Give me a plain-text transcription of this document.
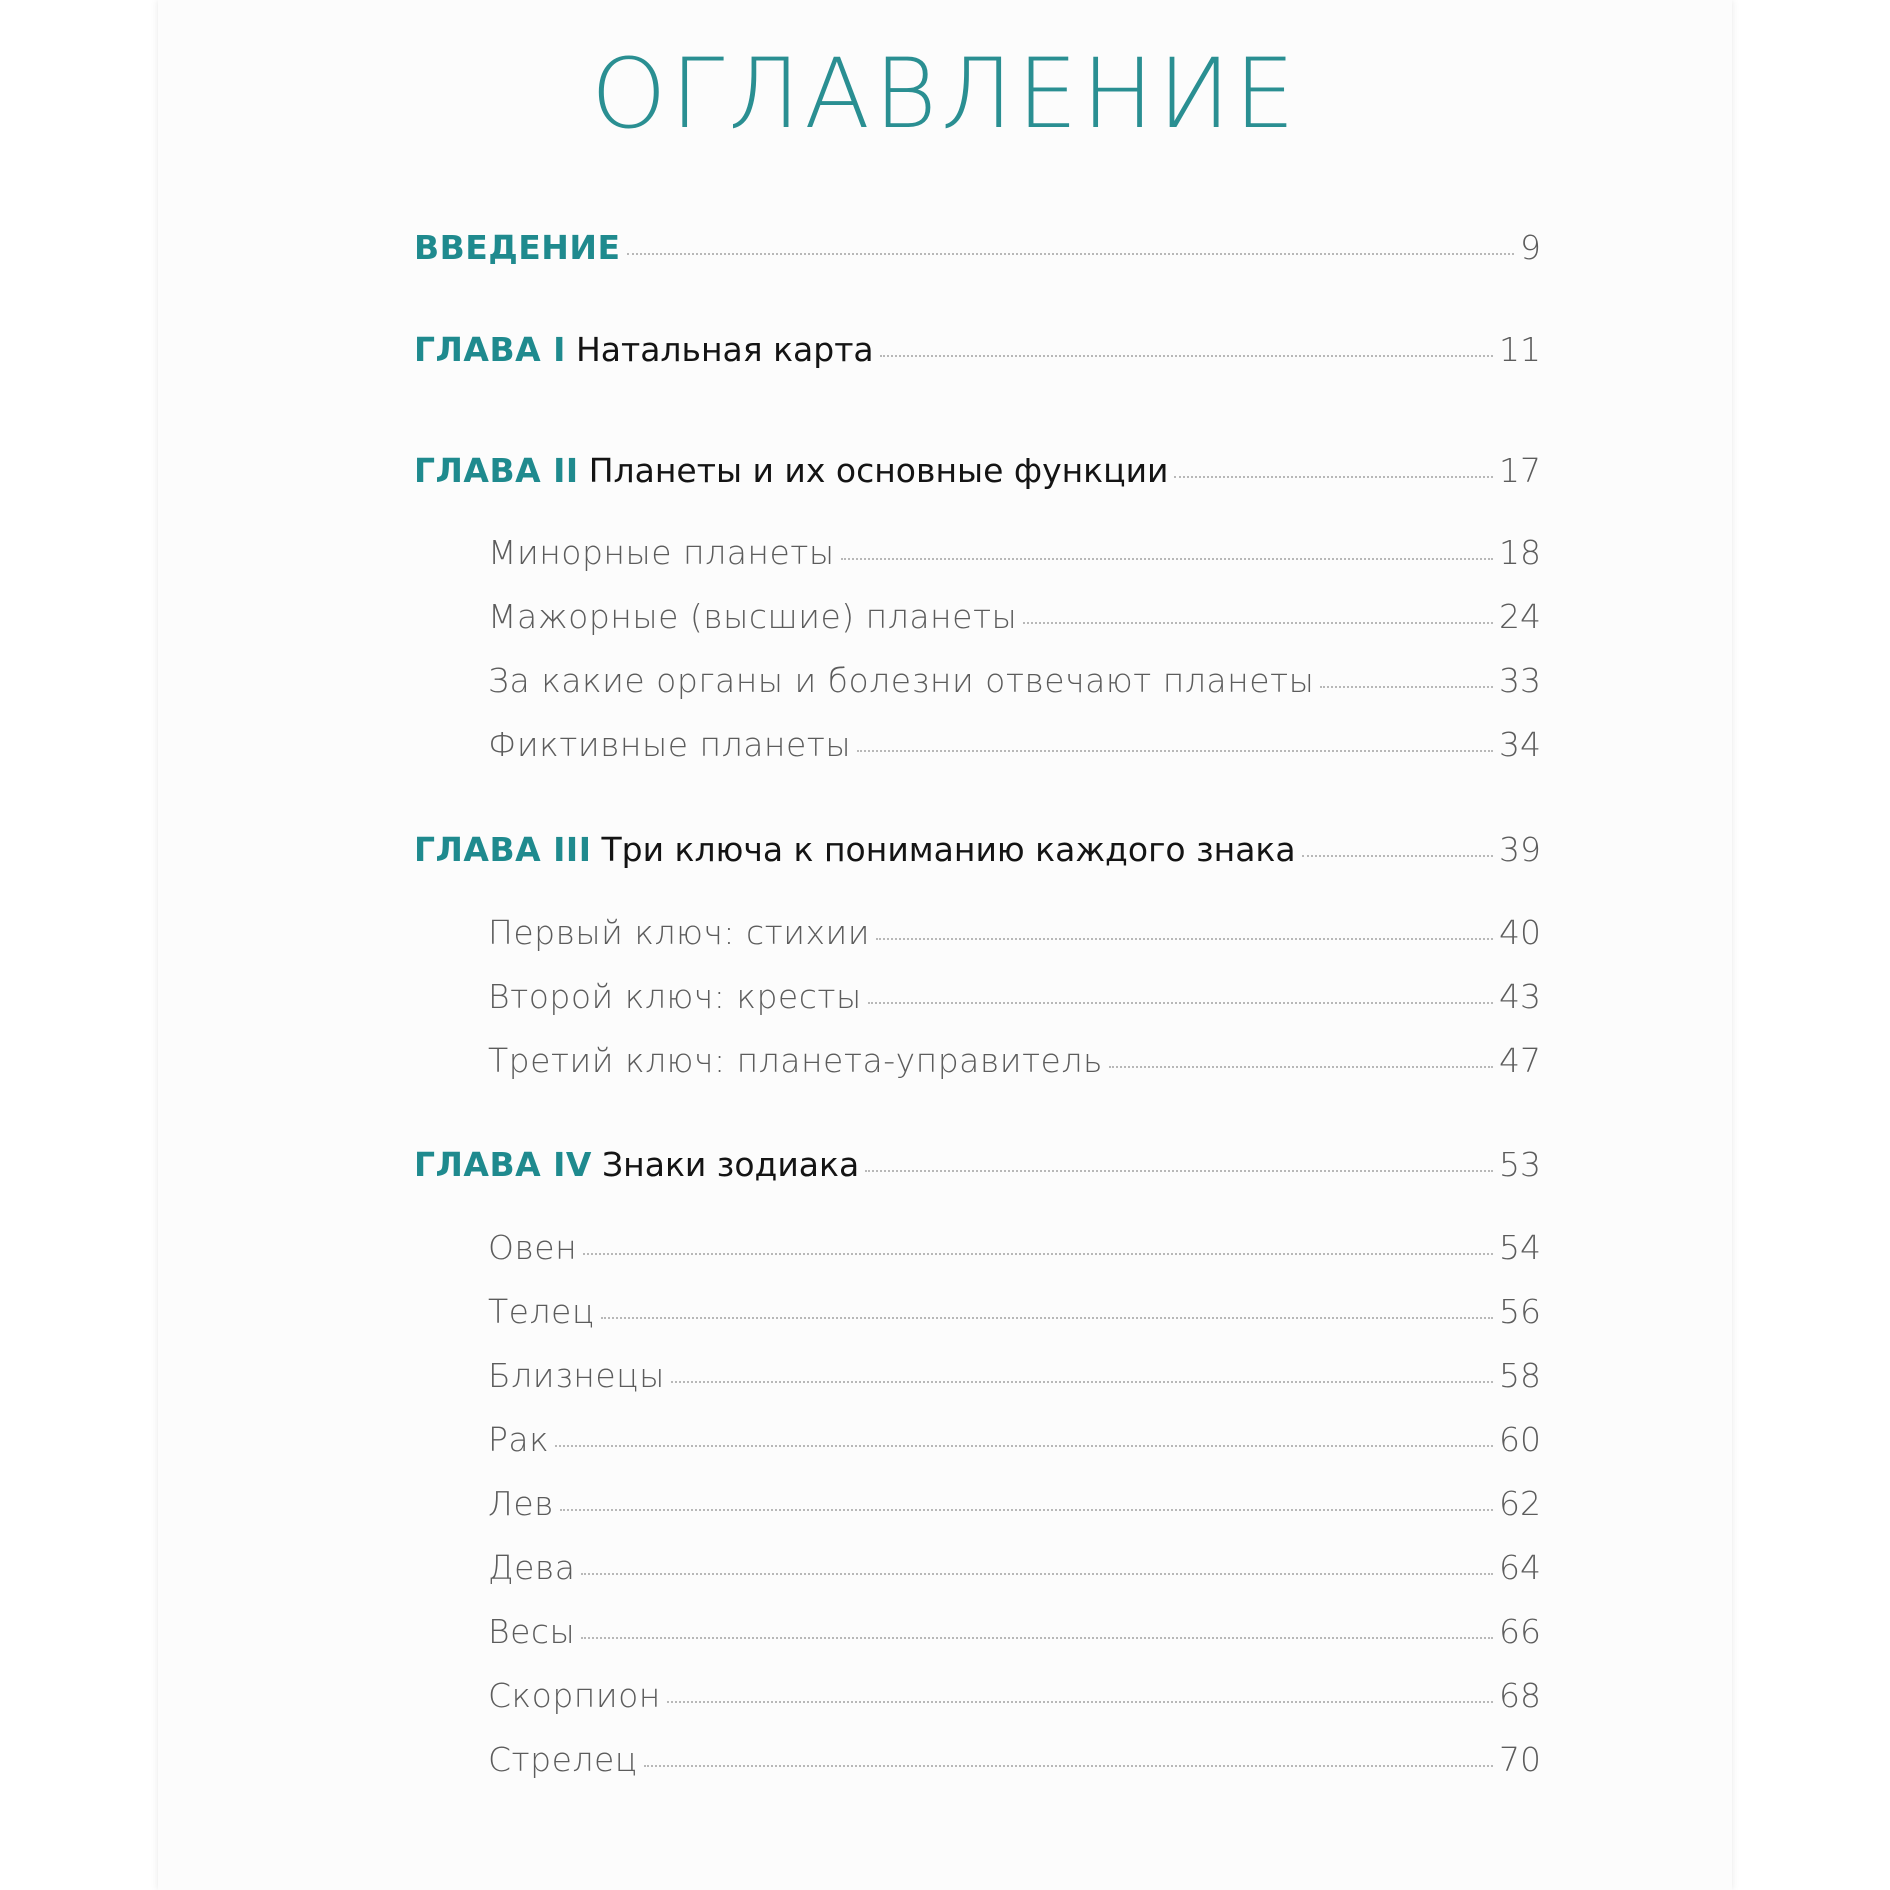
ОГЛАВЛЕНИЕ
ВВЕДЕНИЕ	9
ГЛАВА I Натальная карта	11
ГЛАВА II Планеты и их основные функции	17
Минорные планеты	18
Мажорные (высшие) планеты	24
За какие органы и болезни отвечают планеты	33
Фиктивные планеты	34
ГЛАВА III Три ключа к пониманию каждого знака	39
Первый ключ: стихии	40
Второй ключ: кресты	43
Третий ключ: планета-управитель	47
ГЛАВА IV Знаки зодиака	53
Овен	54
Телец	56
Близнецы	58
Рак	60
Лев	62
Дева	64
Весы	66
Скорпион	68
Стрелец	70
